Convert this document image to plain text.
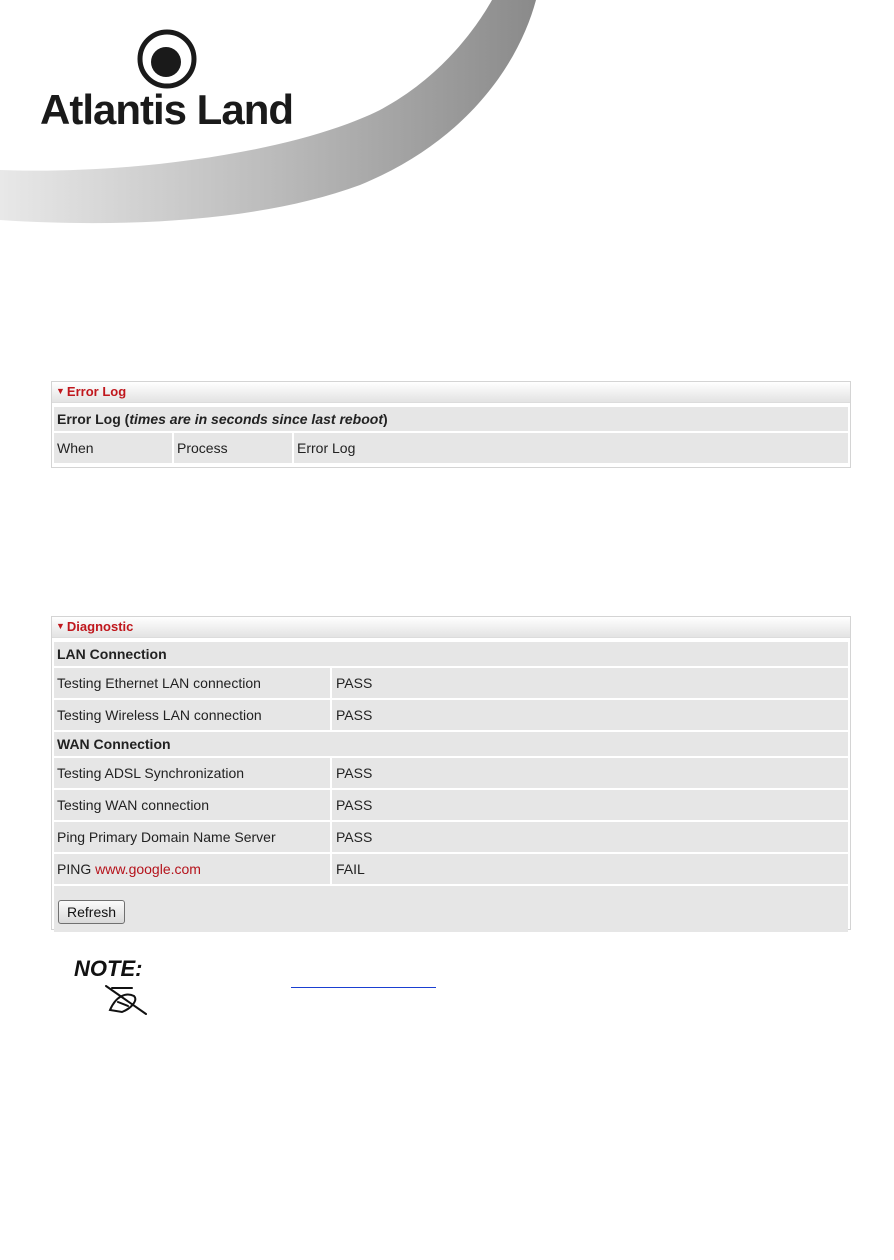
Atlantis Land
▼ Error Log
Error Log ( times are in seconds since last reboot )
When	Process	Error Log
▼ Diagnostic
LAN Connection
Testing Ethernet LAN connection	PASS
Testing Wireless LAN connection	PASS
WAN Connection
Testing ADSL Synchronization	PASS
Testing WAN connection	PASS
Ping Primary Domain Name Server	PASS
PING www.google.com	FAIL
Refresh
NOTE:
